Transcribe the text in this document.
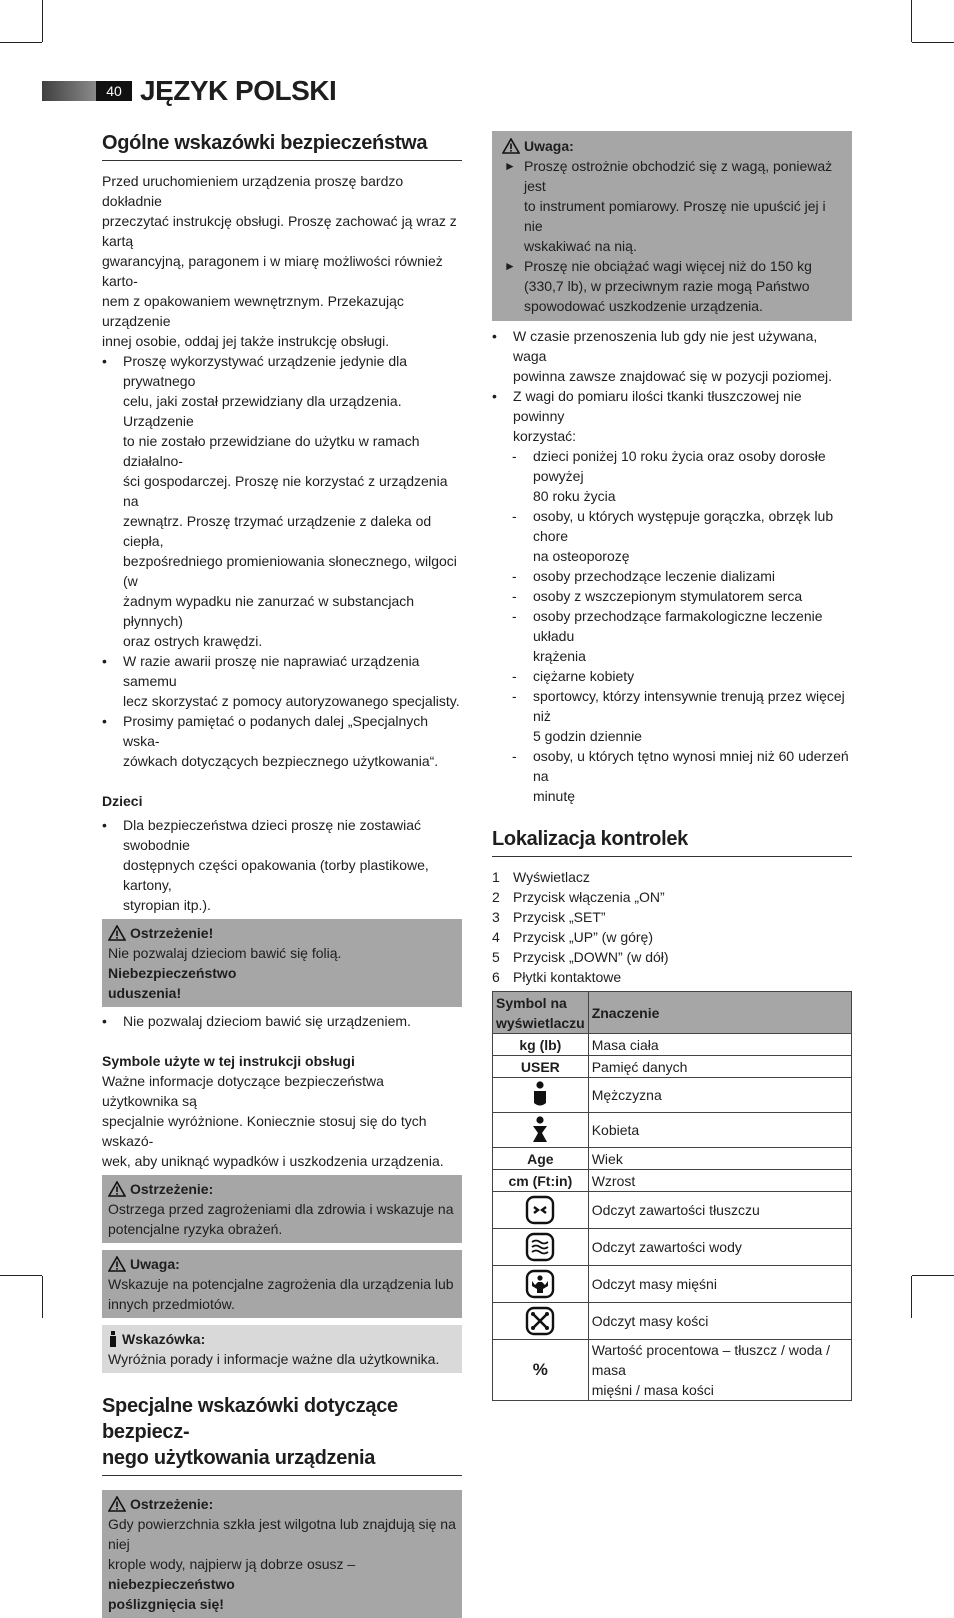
40 JĘZYK POLSKI
Ogólne wskazówki bezpieczeństwa
Przed uruchomieniem urządzenia proszę bardzo dokładnie
przeczytać instrukcję obsługi. Proszę zachować ją wraz z kartą
gwarancyjną, paragonem i w miarę możliwości również karto-
nem z opakowaniem wewnętrznym. Przekazując urządzenie
innej osobie, oddaj jej także instrukcję obsługi.
• Proszę wykorzystywać urządzenie jedynie dla prywatnego
celu, jaki został przewidziany dla urządzenia. Urządzenie
to nie zostało przewidziane do użytku w ramach działalno-
ści gospodarczej. Proszę nie korzystać z urządzenia na
zewnątrz. Proszę trzymać urządzenie z daleka od ciepła,
bezpośredniego promieniowania słonecznego, wilgoci (w
żadnym wypadku nie zanurzać w substancjach płynnych)
oraz ostrych krawędzi.
• W razie awarii proszę nie naprawiać urządzenia samemu
lecz skorzystać z pomocy autoryzowanego specjalisty.
• Prosimy pamiętać o podanych dalej „Specjalnych wska-
zówkach dotyczących bezpiecznego użytkowania“.
Dzieci
• Dla bezpieczeństwa dzieci proszę nie zostawiać swobodnie
dostępnych części opakowania (torby plastikowe, kartony,
styropian itp.).
Ostrzeżenie!
Nie pozwalaj dzieciom bawić się folią. Niebezpieczeństwo
uduszenia!
• Nie pozwalaj dzieciom bawić się urządzeniem.
Symbole użyte w tej instrukcji obsługi
Ważne informacje dotyczące bezpieczeństwa użytkownika są
specjalnie wyróżnione. Koniecznie stosuj się do tych wskazó-
wek, aby uniknąć wypadków i uszkodzenia urządzenia.
Ostrzeżenie:
Ostrzega przed zagrożeniami dla zdrowia i wskazuje na
potencjalne ryzyka obrażeń.
Uwaga:
Wskazuje na potencjalne zagrożenia dla urządzenia lub
innych przedmiotów.
Wskazówka:
Wyróżnia porady i informacje ważne dla użytkownika.
Specjalne wskazówki dotyczące bezpiecz-
nego użytkowania urządzenia
Ostrzeżenie:
Gdy powierzchnia szkła jest wilgotna lub znajdują się na niej
krople wody, najpierw ją dobrze osusz – niebezpieczeństwo
poślizgnięcia się!
Uwaga:
► Proszę ostrożnie obchodzić się z wagą, ponieważ jest
to instrument pomiarowy. Proszę nie upuścić jej i nie
wskakiwać na nią.
► Proszę nie obciążać wagi więcej niż do 150 kg
(330,7 lb), w przeciwnym razie mogą Państwo
spowodować uszkodzenie urządzenia.
• W czasie przenoszenia lub gdy nie jest używana, waga
powinna zawsze znajdować się w pozycji poziomej.
• Z wagi do pomiaru ilości tkanki tłuszczowej nie powinny
korzystać:
- dzieci poniżej 10 roku życia oraz osoby dorosłe powyżej
80 roku życia
- osoby, u których występuje gorączka, obrzęk lub chore
na osteoporozę
- osoby przechodzące leczenie dializami
- osoby z wszczepionym stymulatorem serca
- osoby przechodzące farmakologiczne leczenie układu
krążenia
- ciężarne kobiety
- sportowcy, którzy intensywnie trenują przez więcej niż
5 godzin dziennie
- osoby, u których tętno wynosi mniej niż 60 uderzeń na
minutę
Lokalizacja kontrolek
1 Wyświetlacz
2 Przycisk włączenia „ON”
3 Przycisk „SET”
4 Przycisk „UP” (w górę)
5 Przycisk „DOWN” (w dół)
6 Płytki kontaktowe
Symbol na
wyświetlaczu	Znaczenie
kg (lb)	Masa ciała
USER	Pamięć danych

	Mężczyzna

	Kobieta
Age	Wiek
cm (Ft:in)	Wzrost

	Odczyt zawartości tłuszczu

	Odczyt zawartości wody

	Odczyt masy mięśni

	Odczyt masy kości
%	Wartość procentowa – tłuszcz / woda / masa
mięśni / masa kości
